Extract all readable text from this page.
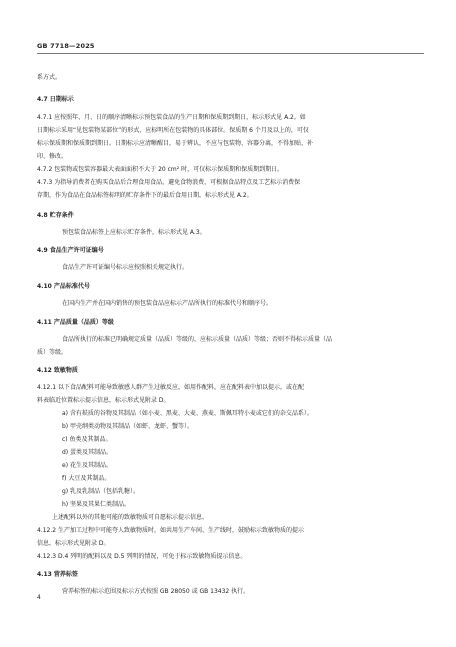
GB 7718—2025
系方式。
4.7 日期标示
4.7.1 应按照年、月、日的顺序清晰标示预包装食品的生产日期和保质期到期日，标示形式见 A.2。如
日期标示采用“见包装物某部位”的形式，应标明所在包装物的具体部位。保质期 6 个月及以上的，可仅
标示保质期和保质期到期日。日期标示应清晰醒目，易于辨认，不应与包装物、容器分离，不得加贴、补
印、修改。
4.7.2 包装物或包装容器最大表面面积不大于 20 cm² 时，可仅标示保质期和保质期到期日。
4.7.3 为指导消费者在购买食品后合理食用食品，避免食物浪费，可根据食品特点及工艺标示消费保
存期，作为食品在食品标签标明的贮存条件下的最后食用日期，标示形式见 A.2。
4.8 贮存条件
预包装食品标签上应标示贮存条件，标示形式见 A.3。
4.9 食品生产许可证编号
食品生产许可证编号标示应按照相关规定执行。
4.10 产品标准代号
在国内生产并在国内销售的预包装食品应标示产品所执行的标准代号和顺序号。
4.11 产品质量（品质）等级
食品所执行的标准已明确规定质量（品质）等级的，应标示质量（品质）等级；否则不得标示质量（品
质）等级。
4.12 致敏物质
4.12.1 以下食品配料可能导致敏感人群产生过敏反应，如用作配料，应在配料表中加以提示，或在配
料表临近位置标示提示信息，标示形式见附录 D。
a) 含有麸质的谷物及其制品（如小麦、黑麦、大麦、燕麦、斯佩耳特小麦或它们的杂交品系）。
b) 甲壳纲类动物及其制品（如虾、龙虾、蟹等）。
c) 鱼类及其制品。
d) 蛋类及其制品。
e) 花生及其制品。
f) 大豆及其制品。
g) 乳及乳制品（包括乳糖）。
h) 坚果及其果仁类制品。
上述配料以外的其他可能的致敏物质可自愿标示提示信息。
4.12.2 生产加工过程中可能夸人致敏物质时，如共用生产车间、生产线时，鼓励标示致敏物质的提示
信息，标示形式见附录 D。
4.12.3 D.4 列明的配料以及 D.5 列明的情况，可免于标示致敏物质提示信息。
4.13 营养标签
营养标签的标示范围及标示方式按照 GB 28050 或 GB 13432 执行。
4
